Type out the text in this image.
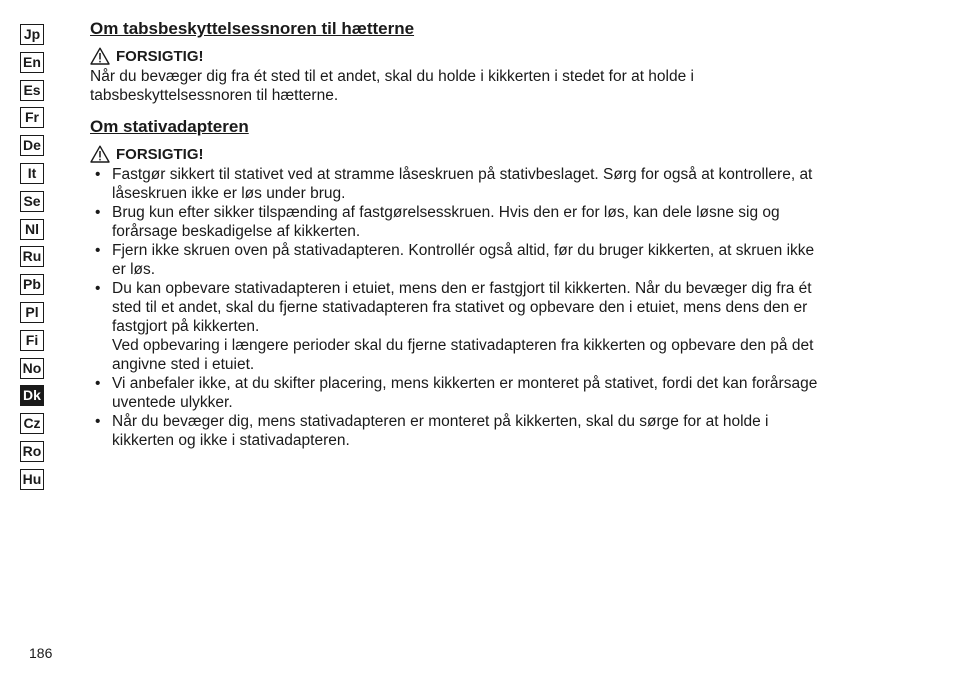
Jp
En
Es
Fr
De
It
Se
Nl
Ru
Pb
Pl
Fi
No
Dk
Cz
Ro
Hu
Om tabsbeskyttelsessnoren til hætterne
FORSIGTIG!

Når du bevæger dig fra ét sted til et andet, skal du holde i kikkerten i stedet for at holde i
tabsbeskyttelsessnoren til hætterne.

Om stativadapteren
FORSIGTIG!
• Fastgør sikkert til stativet ved at stramme låseskruen på stativbeslaget. Sørg for også at kontrollere, at
låseskruen ikke er løs under brug.
• Brug kun efter sikker tilspænding af fastgørelsesskruen. Hvis den er for løs, kan dele løsne sig og
forårsage beskadigelse af kikkerten.
• Fjern ikke skruen oven på stativadapteren. Kontrollér også altid, før du bruger kikkerten, at skruen ikke
er løs.
• Du kan opbevare stativadapteren i etuiet, mens den er fastgjort til kikkerten. Når du bevæger dig fra ét
sted til et andet, skal du fjerne stativadapteren fra stativet og opbevare den i etuiet, mens dens den er
fastgjort på kikkerten.
Ved opbevaring i længere perioder skal du fjerne stativadapteren fra kikkerten og opbevare den på det
angivne sted i etuiet.
• Vi anbefaler ikke, at du skifter placering, mens kikkerten er monteret på stativet, fordi det kan forårsage
uventede ulykker.
• Når du bevæger dig, mens stativadapteren er monteret på kikkerten, skal du sørge for at holde i
kikkerten og ikke i stativadapteren.
186
